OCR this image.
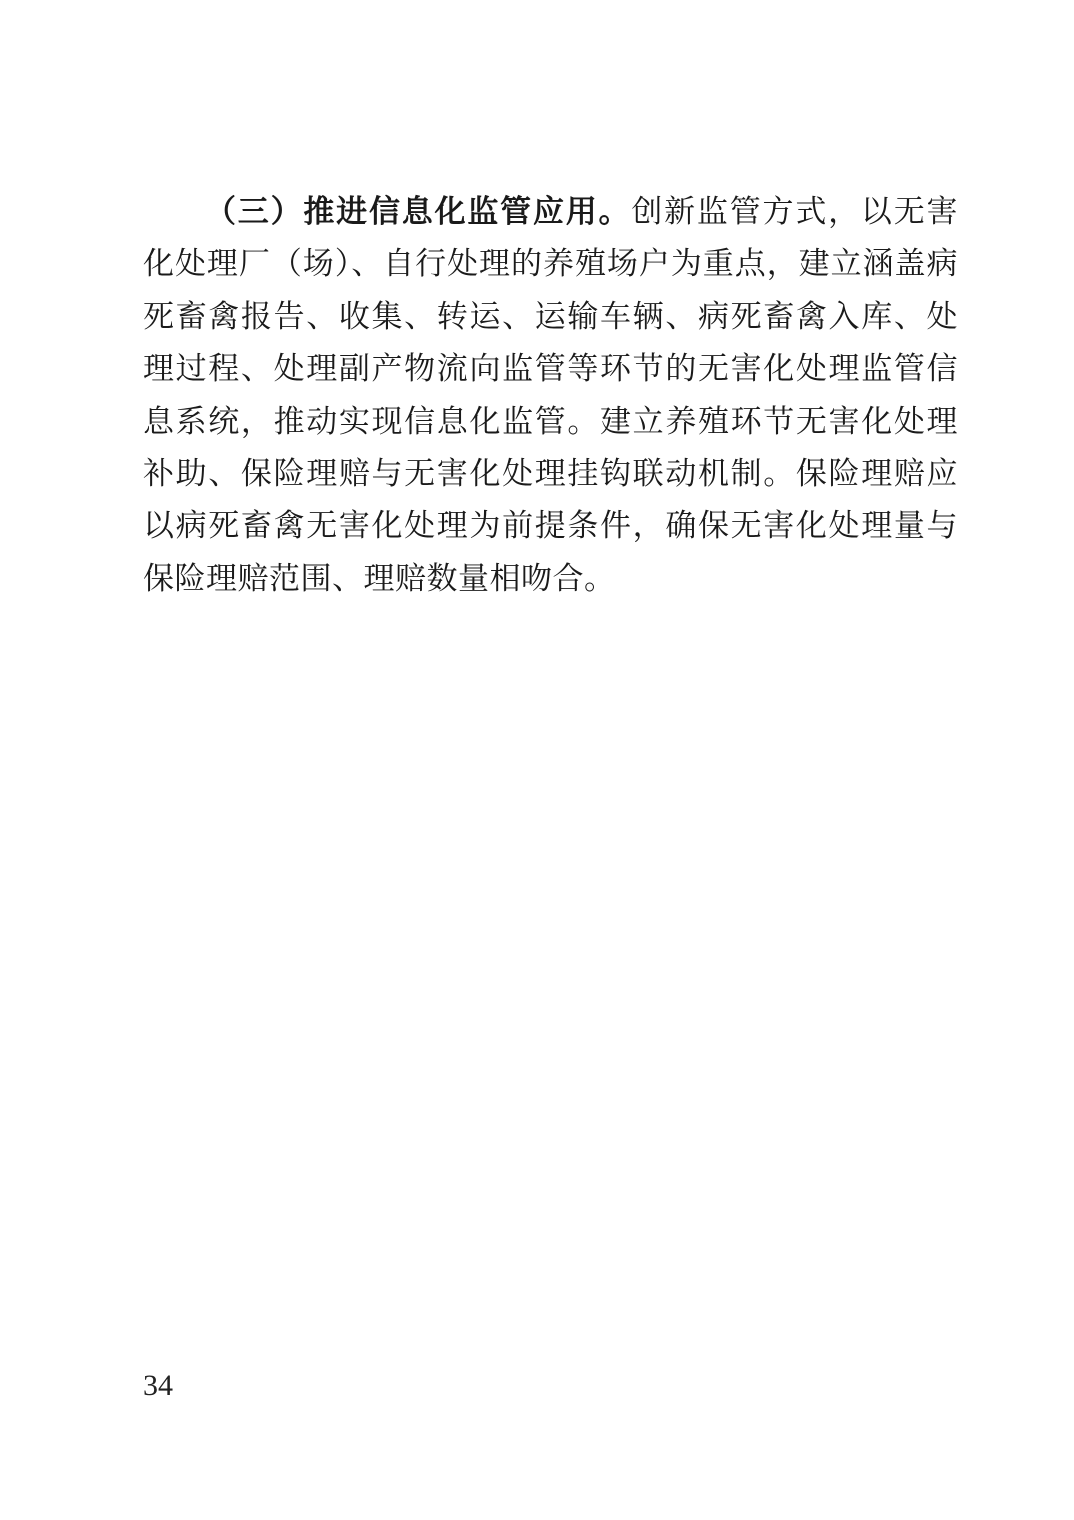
（三）推进信息化监管应用。创新监管方式，以无害化处理厂（场）、自行处理的养殖场户为重点，建立涵盖病死畜禽报告、收集、转运、运输车辆、病死畜禽入库、处理过程、处理副产物流向监管等环节的无害化处理监管信息系统，推动实现信息化监管。建立养殖环节无害化处理补助、保险理赔与无害化处理挂钩联动机制。保险理赔应以病死畜禽无害化处理为前提条件，确保无害化处理量与保险理赔范围、理赔数量相吻合。

34
